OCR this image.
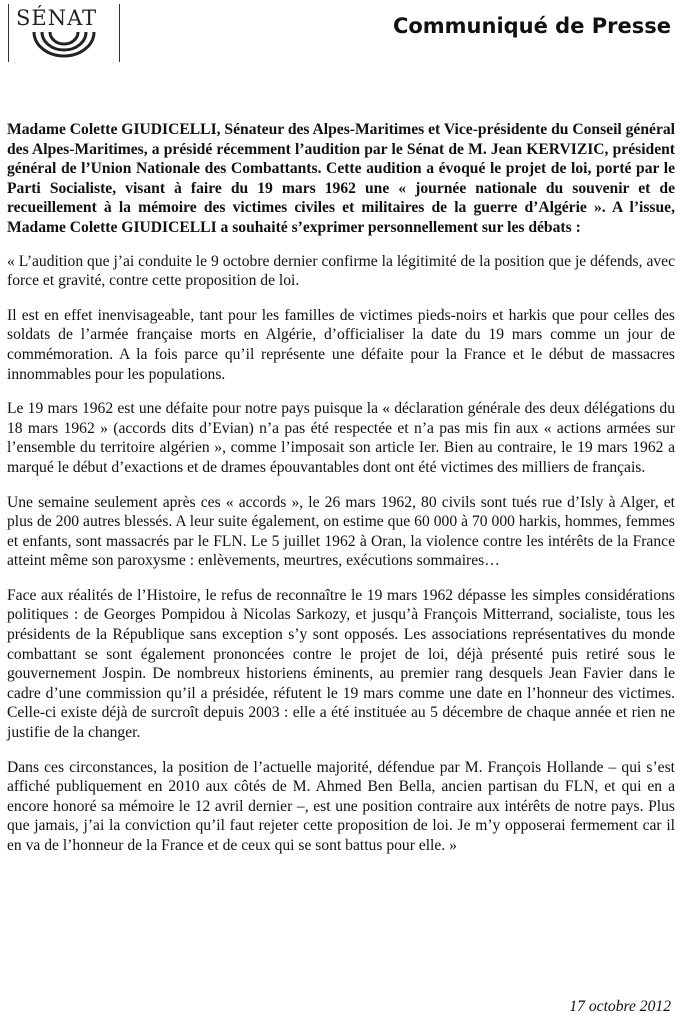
SÉNAT	Communiqué de Presse

Madame Colette GIUDICELLI, Sénateur des Alpes-Maritimes et Vice-présidente du Conseil général des Alpes-Maritimes, a présidé récemment l’audition par le Sénat de M. Jean KERVIZIC, président général de l’Union Nationale des Combattants. Cette audition a évoqué le projet de loi, porté par le Parti Socialiste, visant à faire du 19 mars 1962 une « journée nationale du souvenir et de recueillement à la mémoire des victimes civiles et militaires de la guerre d’Algérie ». A l’issue, Madame Colette GIUDICELLI a souhaité s’exprimer personnellement sur les débats :

« L’audition que j’ai conduite le 9 octobre dernier confirme la légitimité de la position que je défends, avec force et gravité, contre cette proposition de loi.

Il est en effet inenvisageable, tant pour les familles de victimes pieds-noirs et harkis que pour celles des soldats de l’armée française morts en Algérie, d’officialiser la date du 19 mars comme un jour de commémoration. A la fois parce qu’il représente une défaite pour la France et le début de massacres innommables pour les populations.

Le 19 mars 1962 est une défaite pour notre pays puisque la « déclaration générale des deux délégations du 18 mars 1962 » (accords dits d’Evian) n’a pas été respectée et n’a pas mis fin aux « actions armées sur l’ensemble du territoire algérien », comme l’imposait son article Ier. Bien au contraire, le 19 mars 1962 a marqué le début d’exactions et de drames épouvantables dont ont été victimes des milliers de français.

Une semaine seulement après ces « accords », le 26 mars 1962, 80 civils sont tués rue d’Isly à Alger, et plus de 200 autres blessés. A leur suite également, on estime que 60 000 à 70 000 harkis, hommes, femmes et enfants, sont massacrés par le FLN. Le 5 juillet 1962 à Oran, la violence contre les intérêts de la France atteint même son paroxysme : enlèvements, meurtres, exécutions sommaires…

Face aux réalités de l’Histoire, le refus de reconnaître le 19 mars 1962 dépasse les simples considérations politiques : de Georges Pompidou à Nicolas Sarkozy, et jusqu’à François Mitterrand, socialiste, tous les présidents de la République sans exception s’y sont opposés. Les associations représentatives du monde combattant se sont également prononcées contre le projet de loi, déjà présenté puis retiré sous le gouvernement Jospin. De nombreux historiens éminents, au premier rang desquels Jean Favier dans le cadre d’une commission qu’il a présidée, réfutent le 19 mars comme une date en l’honneur des victimes. Celle-ci existe déjà de surcroît depuis 2003 : elle a été instituée au 5 décembre de chaque année et rien ne justifie de la changer.

Dans ces circonstances, la position de l’actuelle majorité, défendue par M. François Hollande – qui s’est affiché publiquement en 2010 aux côtés de M. Ahmed Ben Bella, ancien partisan du FLN, et qui en a encore honoré sa mémoire le 12 avril dernier –, est une position contraire aux intérêts de notre pays. Plus que jamais, j’ai la conviction qu’il faut rejeter cette proposition de loi. Je m’y opposerai fermement car il en va de l’honneur de la France et de ceux qui se sont battus pour elle. »

17 octobre 2012
